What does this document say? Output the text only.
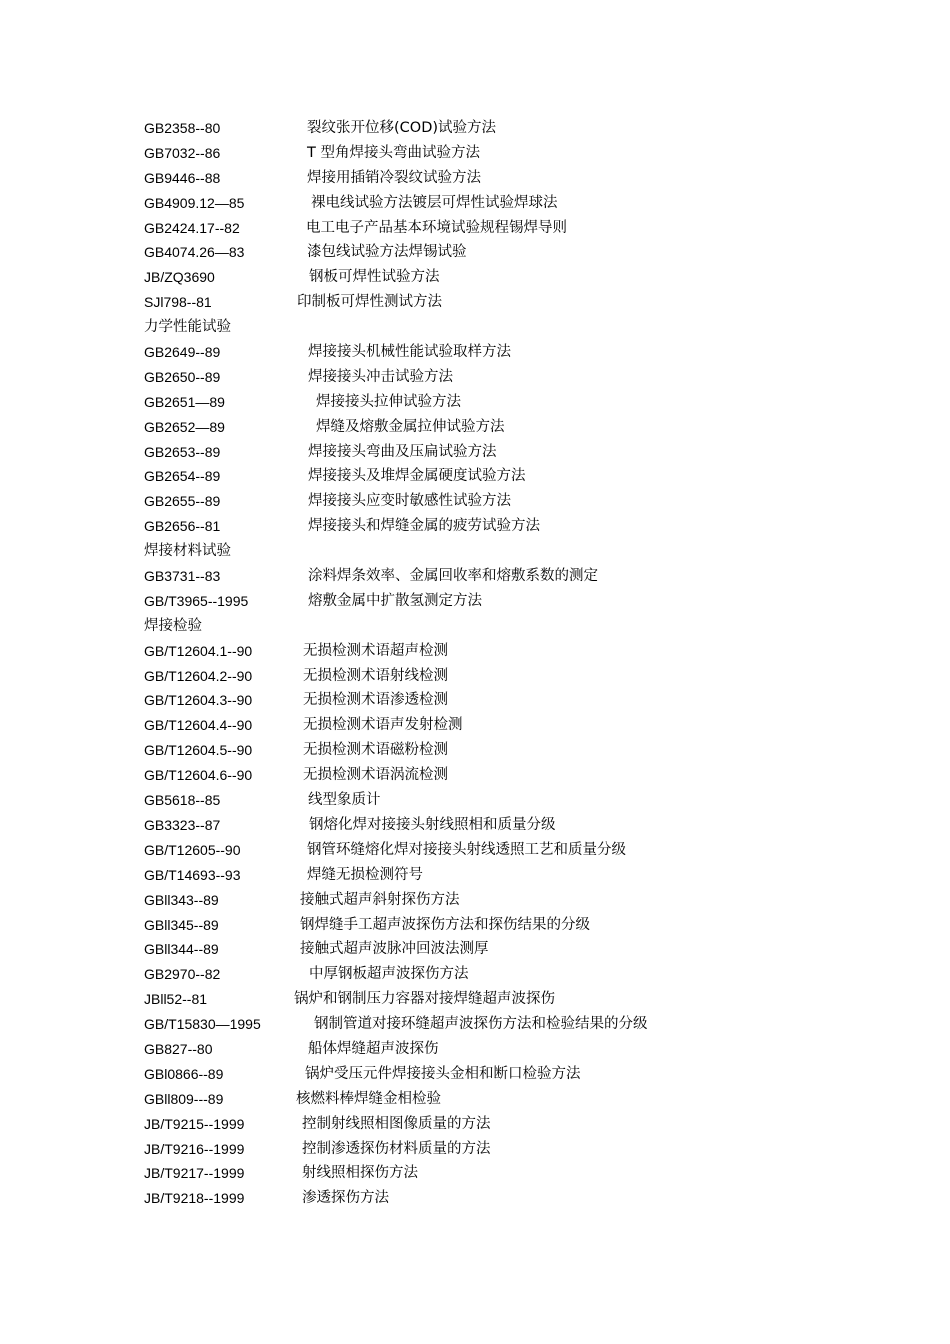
GB2358--80	裂纹张开位移(COD)试验方法
GB7032--86	T 型角焊接头弯曲试验方法
GB9446--88	焊接用插销冷裂纹试验方法
GB4909.12—85	裸电线试验方法镀层可焊性试验焊球法
GB2424.17--82	电工电子产品基本环境试验规程锡焊导则
GB4074.26—83	漆包线试验方法焊锡试验
JB/ZQ3690	钢板可焊性试验方法
SJl798--81	印制板可焊性测试方法
力学性能试验
GB2649--89	焊接接头机械性能试验取样方法
GB2650--89	焊接接头冲击试验方法
GB2651—89	焊接接头拉伸试验方法
GB2652—89	焊缝及熔敷金属拉伸试验方法
GB2653--89	焊接接头弯曲及压扁试验方法
GB2654--89	焊接接头及堆焊金属硬度试验方法
GB2655--89	焊接接头应变时敏感性试验方法
GB2656--81	焊接接头和焊缝金属的疲劳试验方法
焊接材料试验
GB3731--83	涂料焊条效率、金属回收率和熔敷系数的测定
GB/T3965--1995	熔敷金属中扩散氢测定方法
焊接检验
GB/T12604.1--90	无损检测术语超声检测
GB/T12604.2--90	无损检测术语射线检测
GB/T12604.3--90	无损检测术语渗透检测
GB/T12604.4--90	无损检测术语声发射检测
GB/T12604.5--90	无损检测术语磁粉检测
GB/T12604.6--90	无损检测术语涡流检测
GB5618--85	线型象质计
GB3323--87	钢熔化焊对接接头射线照相和质量分级
GB/T12605--90	钢管环缝熔化焊对接接头射线透照工艺和质量分级
GB/T14693--93	焊缝无损检测符号
GBll343--89	接触式超声斜射探伤方法
GBll345--89	钢焊缝手工超声波探伤方法和探伤结果的分级
GBll344--89	接触式超声波脉冲回波法测厚
GB2970--82	中厚钢板超声波探伤方法
JBll52--81	锅炉和钢制压力容器对接焊缝超声波探伤
GB/T15830—1995	钢制管道对接环缝超声波探伤方法和检验结果的分级
GB827--80	船体焊缝超声波探伤
GBl0866--89	锅炉受压元件焊接接头金相和断口检验方法
GBll809---89	核燃料棒焊缝金相检验
JB/T9215--1999	控制射线照相图像质量的方法
JB/T9216--1999	控制渗透探伤材料质量的方法
JB/T9217--1999	射线照相探伤方法
JB/T9218--1999	渗透探伤方法
